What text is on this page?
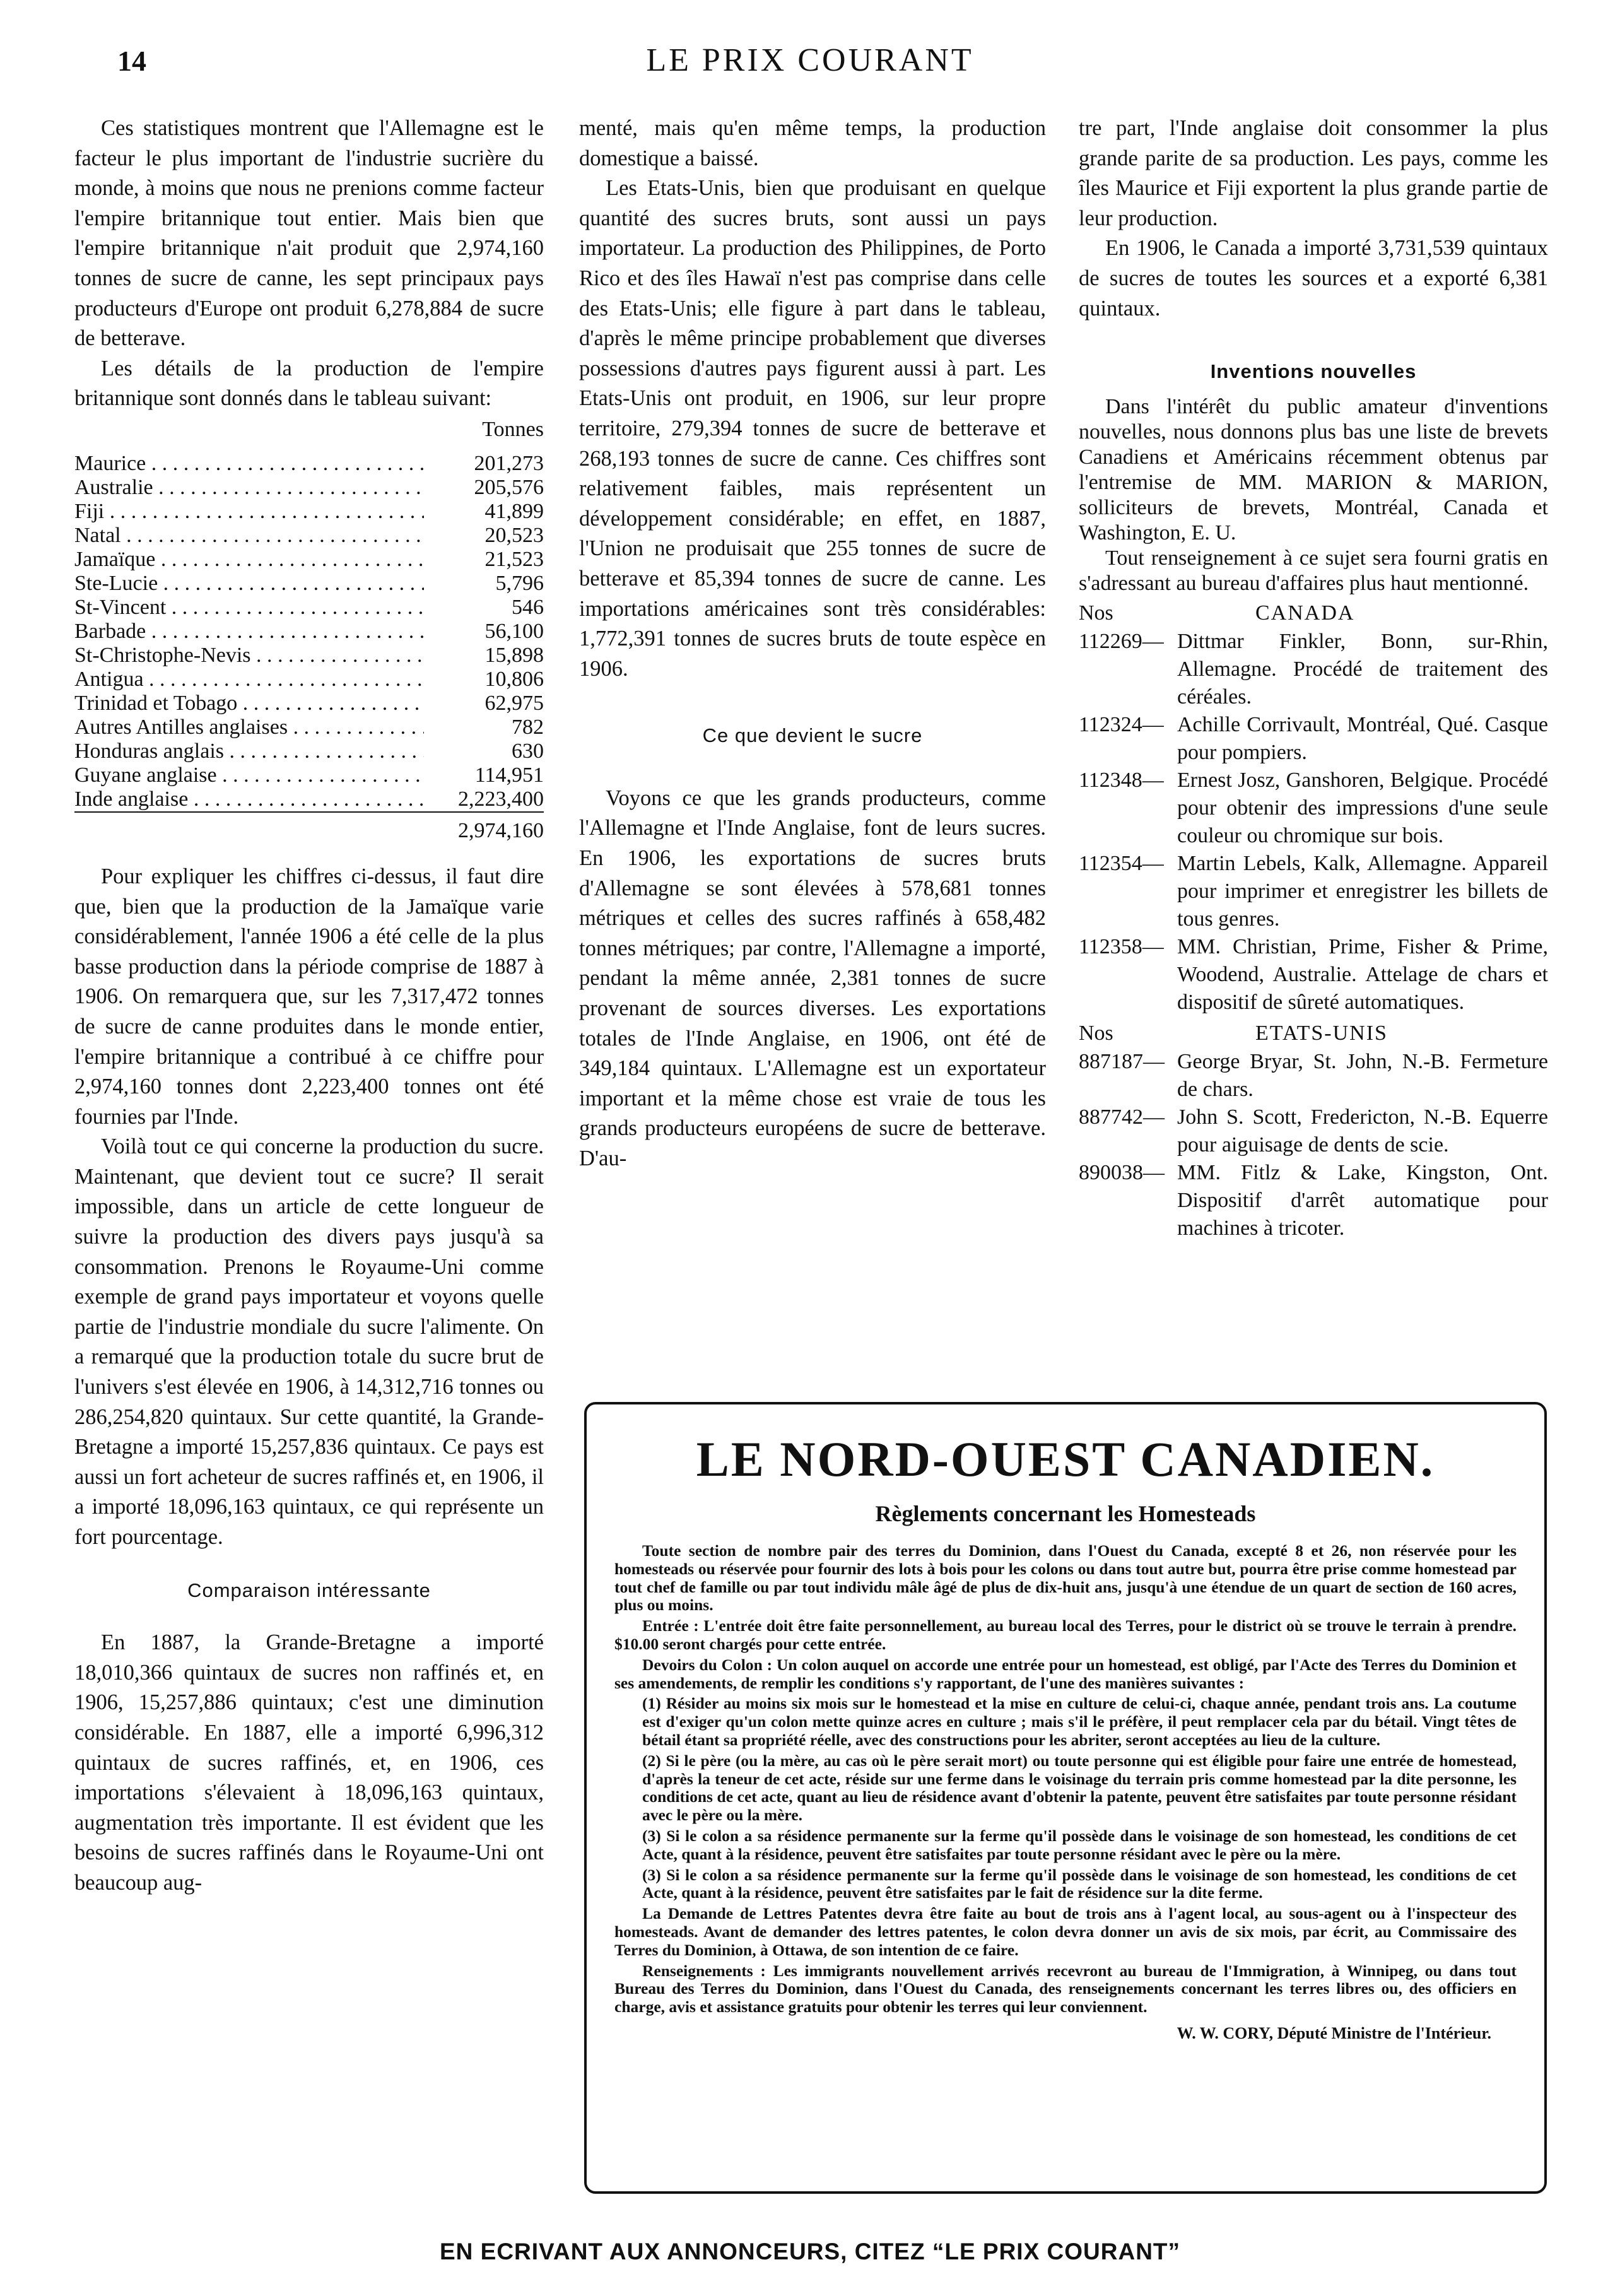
14	LE PRIX COURANT

Ces statistiques montrent que l'Allemagne est le facteur le plus important de l'industrie sucrière du monde, à moins que nous ne prenions comme facteur l'empire britannique tout entier. Mais bien que l'empire britannique n'ait produit que 2,974,160 tonnes de sucre de canne, les sept principaux pays producteurs d'Europe ont produit 6,278,884 de sucre de betterave.

Les détails de la production de l'empire britannique sont donnés dans le tableau suivant:

	Tonnes
Maurice . . .	201,273
Australie . . .	205,576
Fiji . . .	41,899
Natal . . .	20,523
Jamaïque . . .	21,523
Ste-Lucie . . .	5,796
St-Vincent . . .	546
Barbade . . .	56,100
St-Christophe-Nevis . . .	15,898
Antigua . . .	10,806
Trinidad et Tobago . . .	62,975
Autres Antilles anglaises . . .	782
Honduras anglais . . .	630
Guyane anglaise . . .	114,951
Inde anglaise . . .	2,223,400
	2,974,160

Pour expliquer les chiffres ci-dessus, il faut dire que, bien que la production de la Jamaïque varie considérablement, l'année 1906 a été celle de la plus basse production dans la période comprise de 1887 à 1906. On remarquera que, sur les 7,317,472 tonnes de sucre de canne produites dans le monde entier, l'empire britannique a contribué à ce chiffre pour 2,974,160 tonnes dont 2,223,400 tonnes ont été fournies par l'Inde.

Voilà tout ce qui concerne la production du sucre. Maintenant, que devient tout ce sucre? Il serait impossible, dans un article de cette longueur de suivre la production des divers pays jusqu'à sa consommation. Prenons le Royaume-Uni comme exemple de grand pays importateur et voyons quelle partie de l'industrie mondiale du sucre l'alimente. On a remarqué que la production totale du sucre brut de l'univers s'est élevée en 1906, à 14,312,716 tonnes ou 286,254,820 quintaux. Sur cette quantité, la Grande-Bretagne a importé 15,257,836 quintaux. Ce pays est aussi un fort acheteur de sucres raffinés et, en 1906, il a importé 18,096,163 quintaux, ce qui représente un fort pourcentage.

Comparaison intéressante

En 1887, la Grande-Bretagne a importé 18,010,366 quintaux de sucres non raffinés et, en 1906, 15,257,886 quintaux; c'est une diminution considérable. En 1887, elle a importé 6,996,312 quintaux de sucres raffinés, et, en 1906, ces importations s'élevaient à 18,096,163 quintaux, augmentation très importante. Il est évident que les besoins de sucres raffinés dans le Royaume-Uni ont beaucoup aug-

menté, mais qu'en même temps, la production domestique a baissé.

Les Etats-Unis, bien que produisant en quelque quantité des sucres bruts, sont aussi un pays importateur. La production des Philippines, de Porto Rico et des îles Hawaï n'est pas comprise dans celle des Etats-Unis; elle figure à part dans le tableau, d'après le même principe probablement que diverses possessions d'autres pays figurent aussi à part. Les Etats-Unis ont produit, en 1906, sur leur propre territoire, 279,394 tonnes de sucre de betterave et 268,193 tonnes de sucre de canne. Ces chiffres sont relativement faibles, mais représentent un développement considérable; en effet, en 1887, l'Union ne produisait que 255 tonnes de sucre de betterave et 85,394 tonnes de sucre de canne. Les importations américaines sont très considérables: 1,772,391 tonnes de sucres bruts de toute espèce en 1906.

Ce que devient le sucre

Voyons ce que les grands producteurs, comme l'Allemagne et l'Inde Anglaise, font de leurs sucres. En 1906, les exportations de sucres bruts d'Allemagne se sont élevées à 578,681 tonnes métriques et celles des sucres raffinés à 658,482 tonnes métriques; par contre, l'Allemagne a importé, pendant la même année, 2,381 tonnes de sucre provenant de sources diverses. Les exportations totales de l'Inde Anglaise, en 1906, ont été de 349,184 quintaux. L'Allemagne est un exportateur important et la même chose est vraie de tous les grands producteurs européens de sucre de betterave. D'au-

tre part, l'Inde anglaise doit consommer la plus grande parite de sa production. Les pays, comme les îles Maurice et Fiji exportent la plus grande partie de leur production.

En 1906, le Canada a importé 3,731,539 quintaux de sucres de toutes les sources et a exporté 6,381 quintaux.

Inventions nouvelles

Dans l'intérêt du public amateur d'inventions nouvelles, nous donnons plus bas une liste de brevets Canadiens et Américains récemment obtenus par l'entremise de MM. MARION & MARION, solliciteurs de brevets, Montréal, Canada et Washington, E. U.

Tout renseignement à ce sujet sera fourni gratis en s'adressant au bureau d'affaires plus haut mentionné.

Nos	CANADA
112269— Dittmar Finkler, Bonn, sur-Rhin, Allemagne. Procédé de traitement des céréales.
112324— Achille Corrivault, Montréal, Qué. Casque pour pompiers.
112348— Ernest Josz, Ganshoren, Belgique. Procédé pour obtenir des impressions d'une seule couleur ou chromique sur bois.
112354— Martin Lebels, Kalk, Allemagne. Appareil pour imprimer et enregistrer les billets de tous genres.
112358— MM. Christian, Prime, Fisher & Prime, Woodend, Australie. Attelage de chars et dispositif de sûreté automatiques.
Nos	ETATS-UNIS
887187— George Bryar, St. John, N.-B. Fermeture de chars.
887742— John S. Scott, Fredericton, N.-B. Equerre pour aiguisage de dents de scie.
890038— MM. Fitlz & Lake, Kingston, Ont. Dispositif d'arrêt automatique pour machines à tricoter.
LE NORD-OUEST CANADIEN.
Règlements concernant les Homesteads

Toute section de nombre pair des terres du Dominion, dans l'Ouest du Canada, excepté 8 et 26, non réservée pour les homesteads ou réservée pour fournir des lots à bois pour les colons ou dans tout autre but, pourra être prise comme homestead par tout chef de famille ou par tout individu mâle âgé de plus de dix-huit ans, jusqu'à une étendue de un quart de section de 160 acres, plus ou moins.

Entrée : L'entrée doit être faite personnellement, au bureau local des Terres, pour le district où se trouve le terrain à prendre. $10.00 seront chargés pour cette entrée.

Devoirs du Colon : Un colon auquel on accorde une entrée pour un homestead, est obligé, par l'Acte des Terres du Dominion et ses amendements, de remplir les conditions s'y rapportant, de l'une des manières suivantes :

(1) Résider au moins six mois sur le homestead et la mise en culture de celui-ci, chaque année, pendant trois ans. La coutume est d'exiger qu'un colon mette quinze acres en culture ; mais s'il le préfère, il peut remplacer cela par du bétail. Vingt têtes de bétail étant sa propriété réelle, avec des constructions pour les abriter, seront acceptées au lieu de la culture.

(2) Si le père (ou la mère, au cas où le père serait mort) ou toute personne qui est éligible pour faire une entrée de homestead, d'après la teneur de cet acte, réside sur une ferme dans le voisinage du terrain pris comme homestead par la dite personne, les conditions de cet acte, quant au lieu de résidence avant d'obtenir la patente, peuvent être satisfaites par toute personne résidant avec le père ou la mère.

(3) Si le colon a sa résidence permanente sur la ferme qu'il possède dans le voisinage de son homestead, les conditions de cet Acte, quant à la résidence, peuvent être satisfaites par toute personne résidant avec le père ou la mère.

(3) Si le colon a sa résidence permanente sur la ferme qu'il possède dans le voisinage de son homestead, les conditions de cet Acte, quant à la résidence, peuvent être satisfaites par le fait de résidence sur la dite ferme.

La Demande de Lettres Patentes devra être faite au bout de trois ans à l'agent local, au sous-agent ou à l'inspecteur des homesteads. Avant de demander des lettres patentes, le colon devra donner un avis de six mois, par écrit, au Commissaire des Terres du Dominion, à Ottawa, de son intention de ce faire.

Renseignements : Les immigrants nouvellement arrivés recevront au bureau de l'Immigration, à Winnipeg, ou dans tout Bureau des Terres du Dominion, dans l'Ouest du Canada, des renseignements concernant les terres libres ou, des officiers en charge, avis et assistance gratuits pour obtenir les terres qui leur conviennent.

W. W. CORY, Député Ministre de l'Intérieur.
EN ECRIVANT AUX ANNONCEURS, CITEZ “LE PRIX COURANT”
